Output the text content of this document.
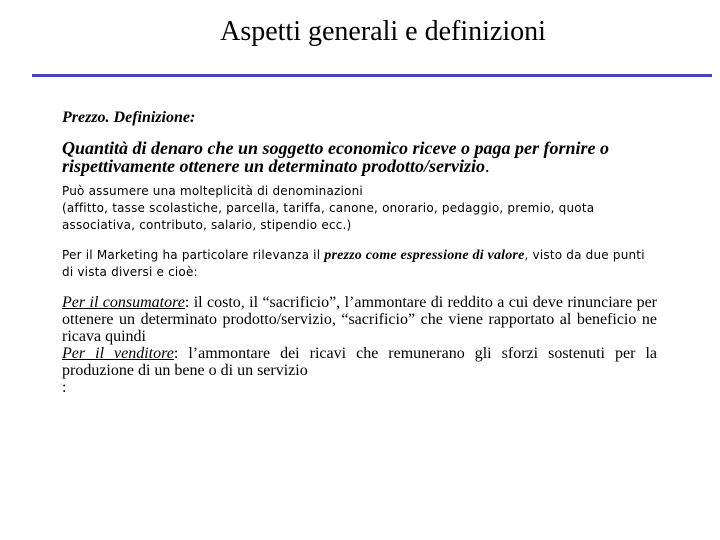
Aspetti generali e definizioni
Prezzo. Definizione:
Quantità di denaro che un soggetto economico riceve o paga per fornire o rispettivamente ottenere un determinato prodotto/servizio.
Può assumere una molteplicità di denominazioni
(affitto, tasse scolastiche, parcella, tariffa, canone, onorario, pedaggio, premio, quota associativa, contributo, salario, stipendio ecc.)
Per il Marketing ha particolare rilevanza il prezzo come espressione di valore, visto da due punti di vista diversi e cioè:
Per il consumatore: il costo, il “sacrificio”, l’ammontare di reddito a cui deve rinunciare per ottenere un determinato prodotto/servizio, “sacrificio” che viene rapportato al beneficio ne ricava quindi
Per il venditore: l’ammontare dei ricavi che remunerano gli sforzi sostenuti per la produzione di un bene o di un servizio
:
